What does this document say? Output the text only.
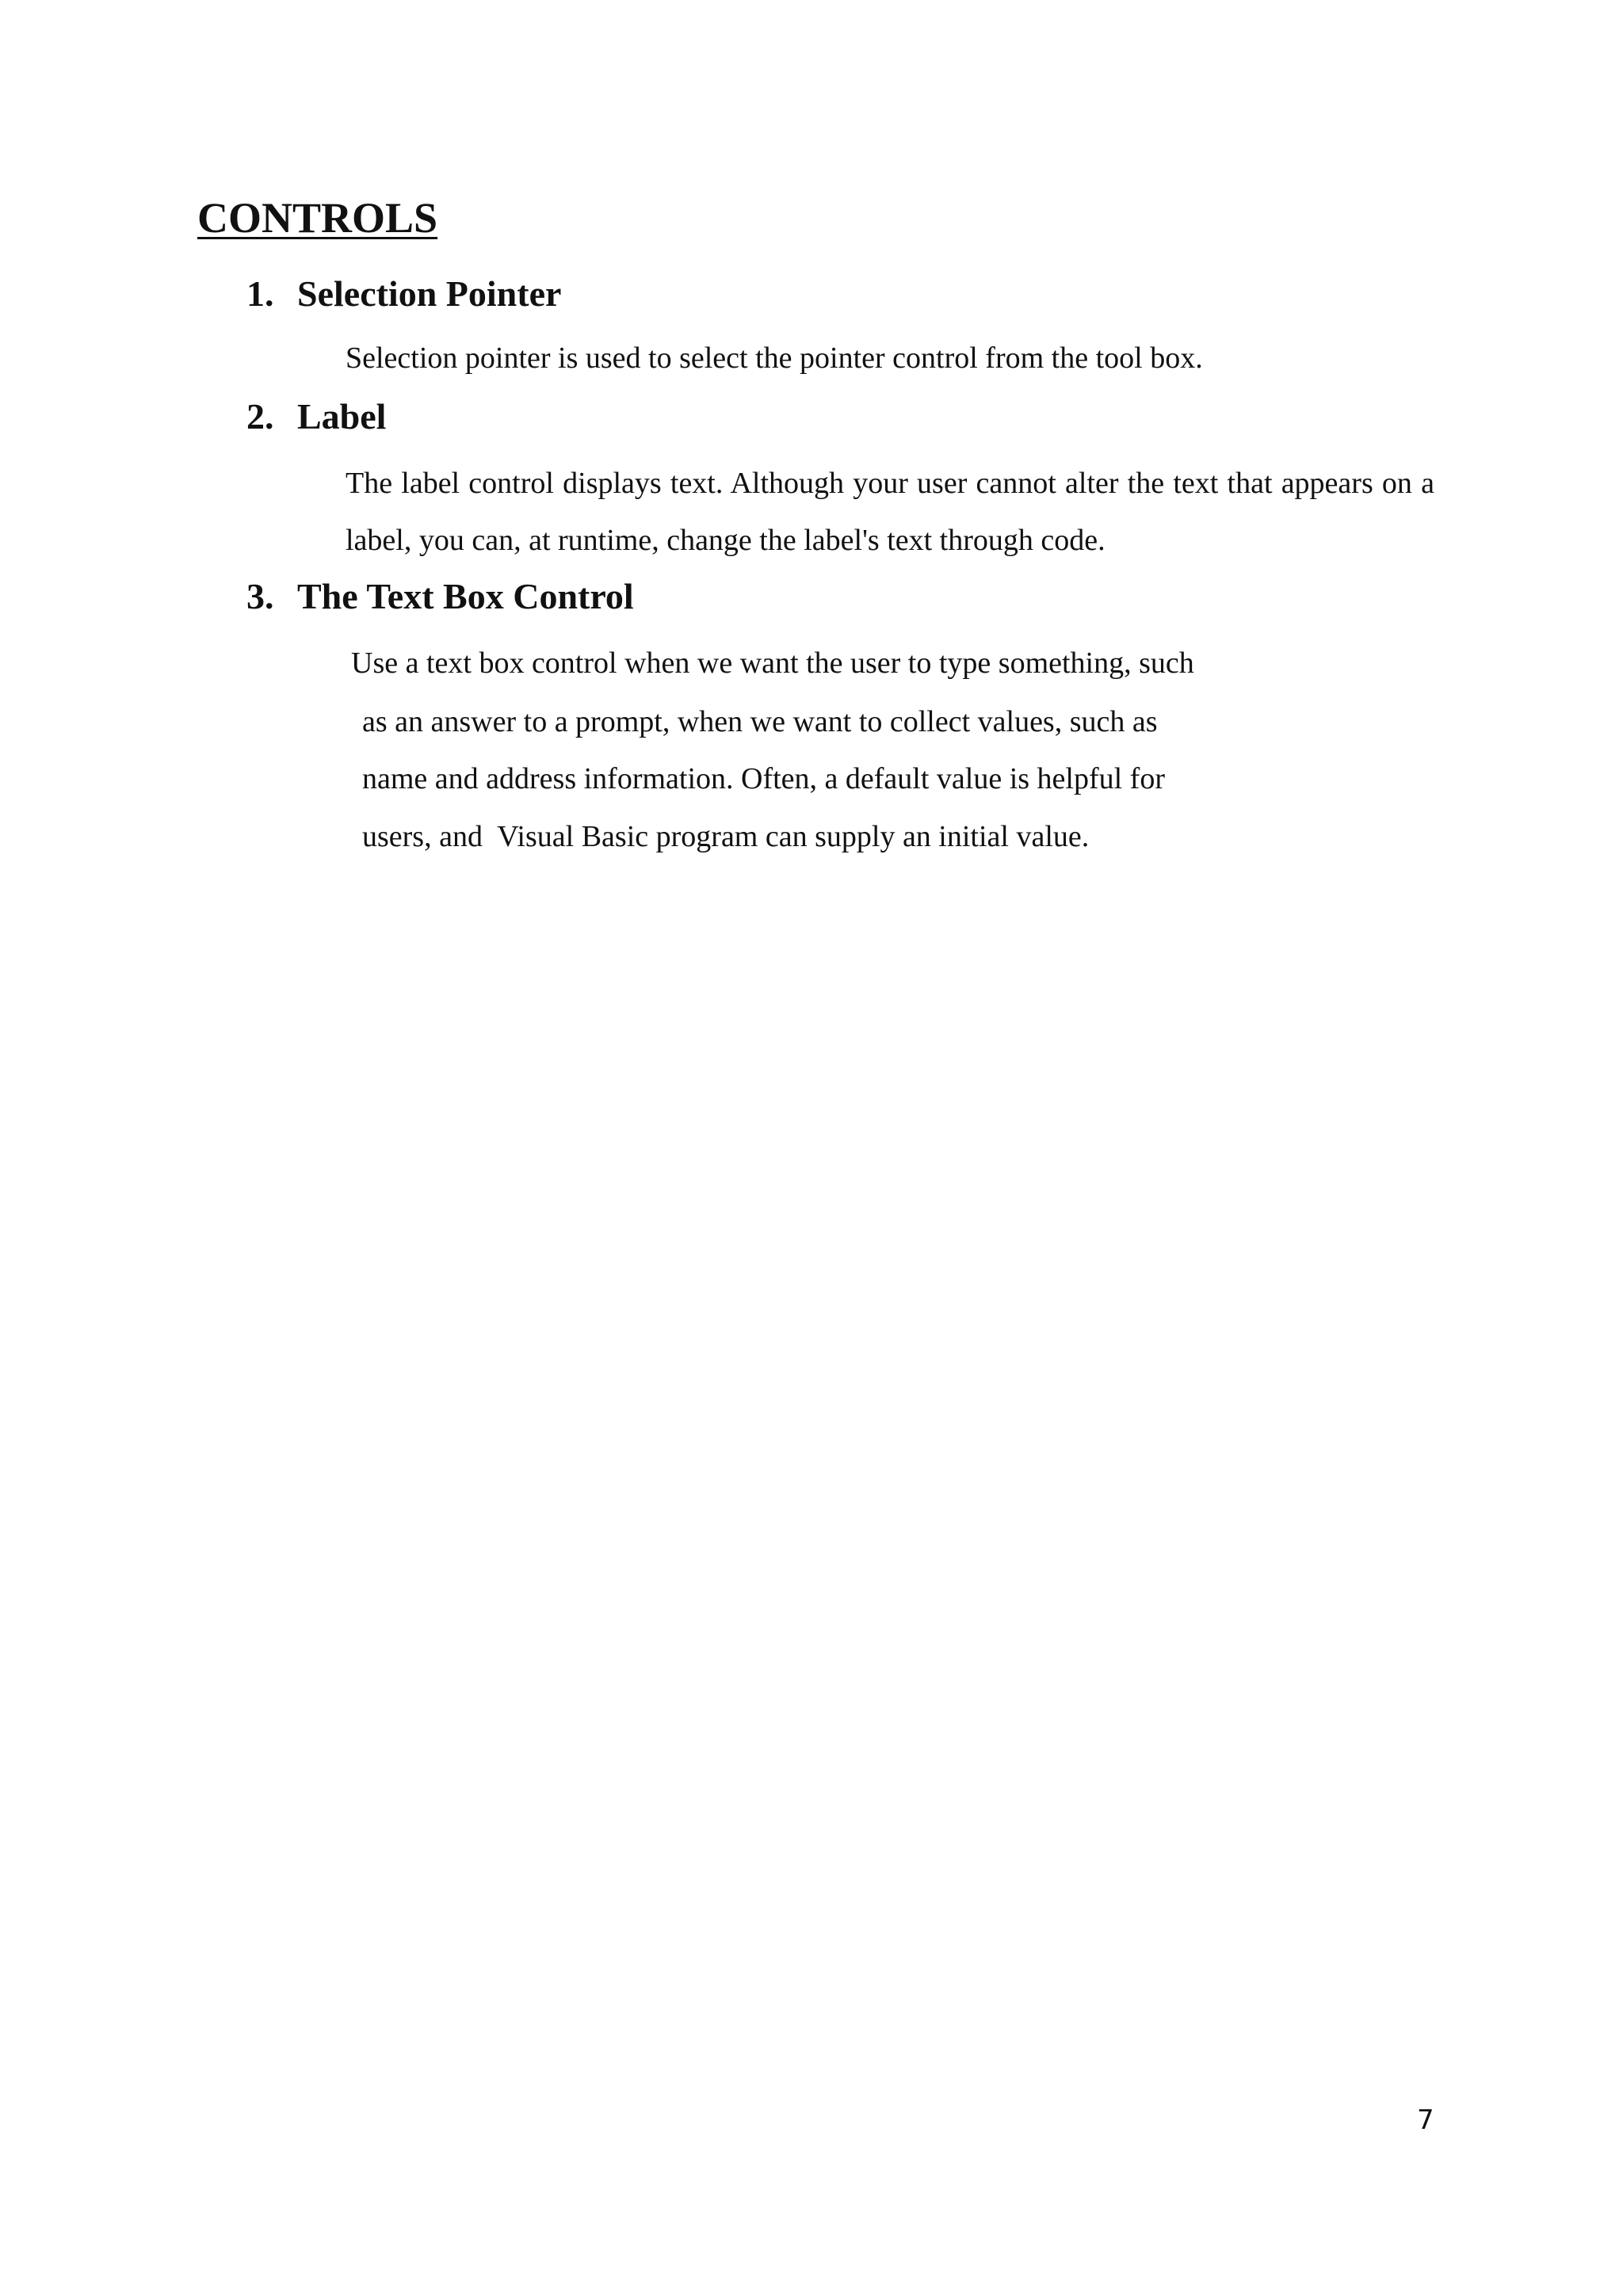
CONTROLS
1. Selection Pointer

Selection pointer is used to select the pointer control from the tool box.

2. Label

The label control displays text. Although your user cannot alter the text that appears on a label, you can, at runtime, change the label's text through code.

3. The Text Box Control

Use a text box control when we want the user to type something, such

as an answer to a prompt, when we want to collect values, such as

name and address information. Often, a default value is helpful for

users, and  Visual Basic program can supply an initial value.

7
